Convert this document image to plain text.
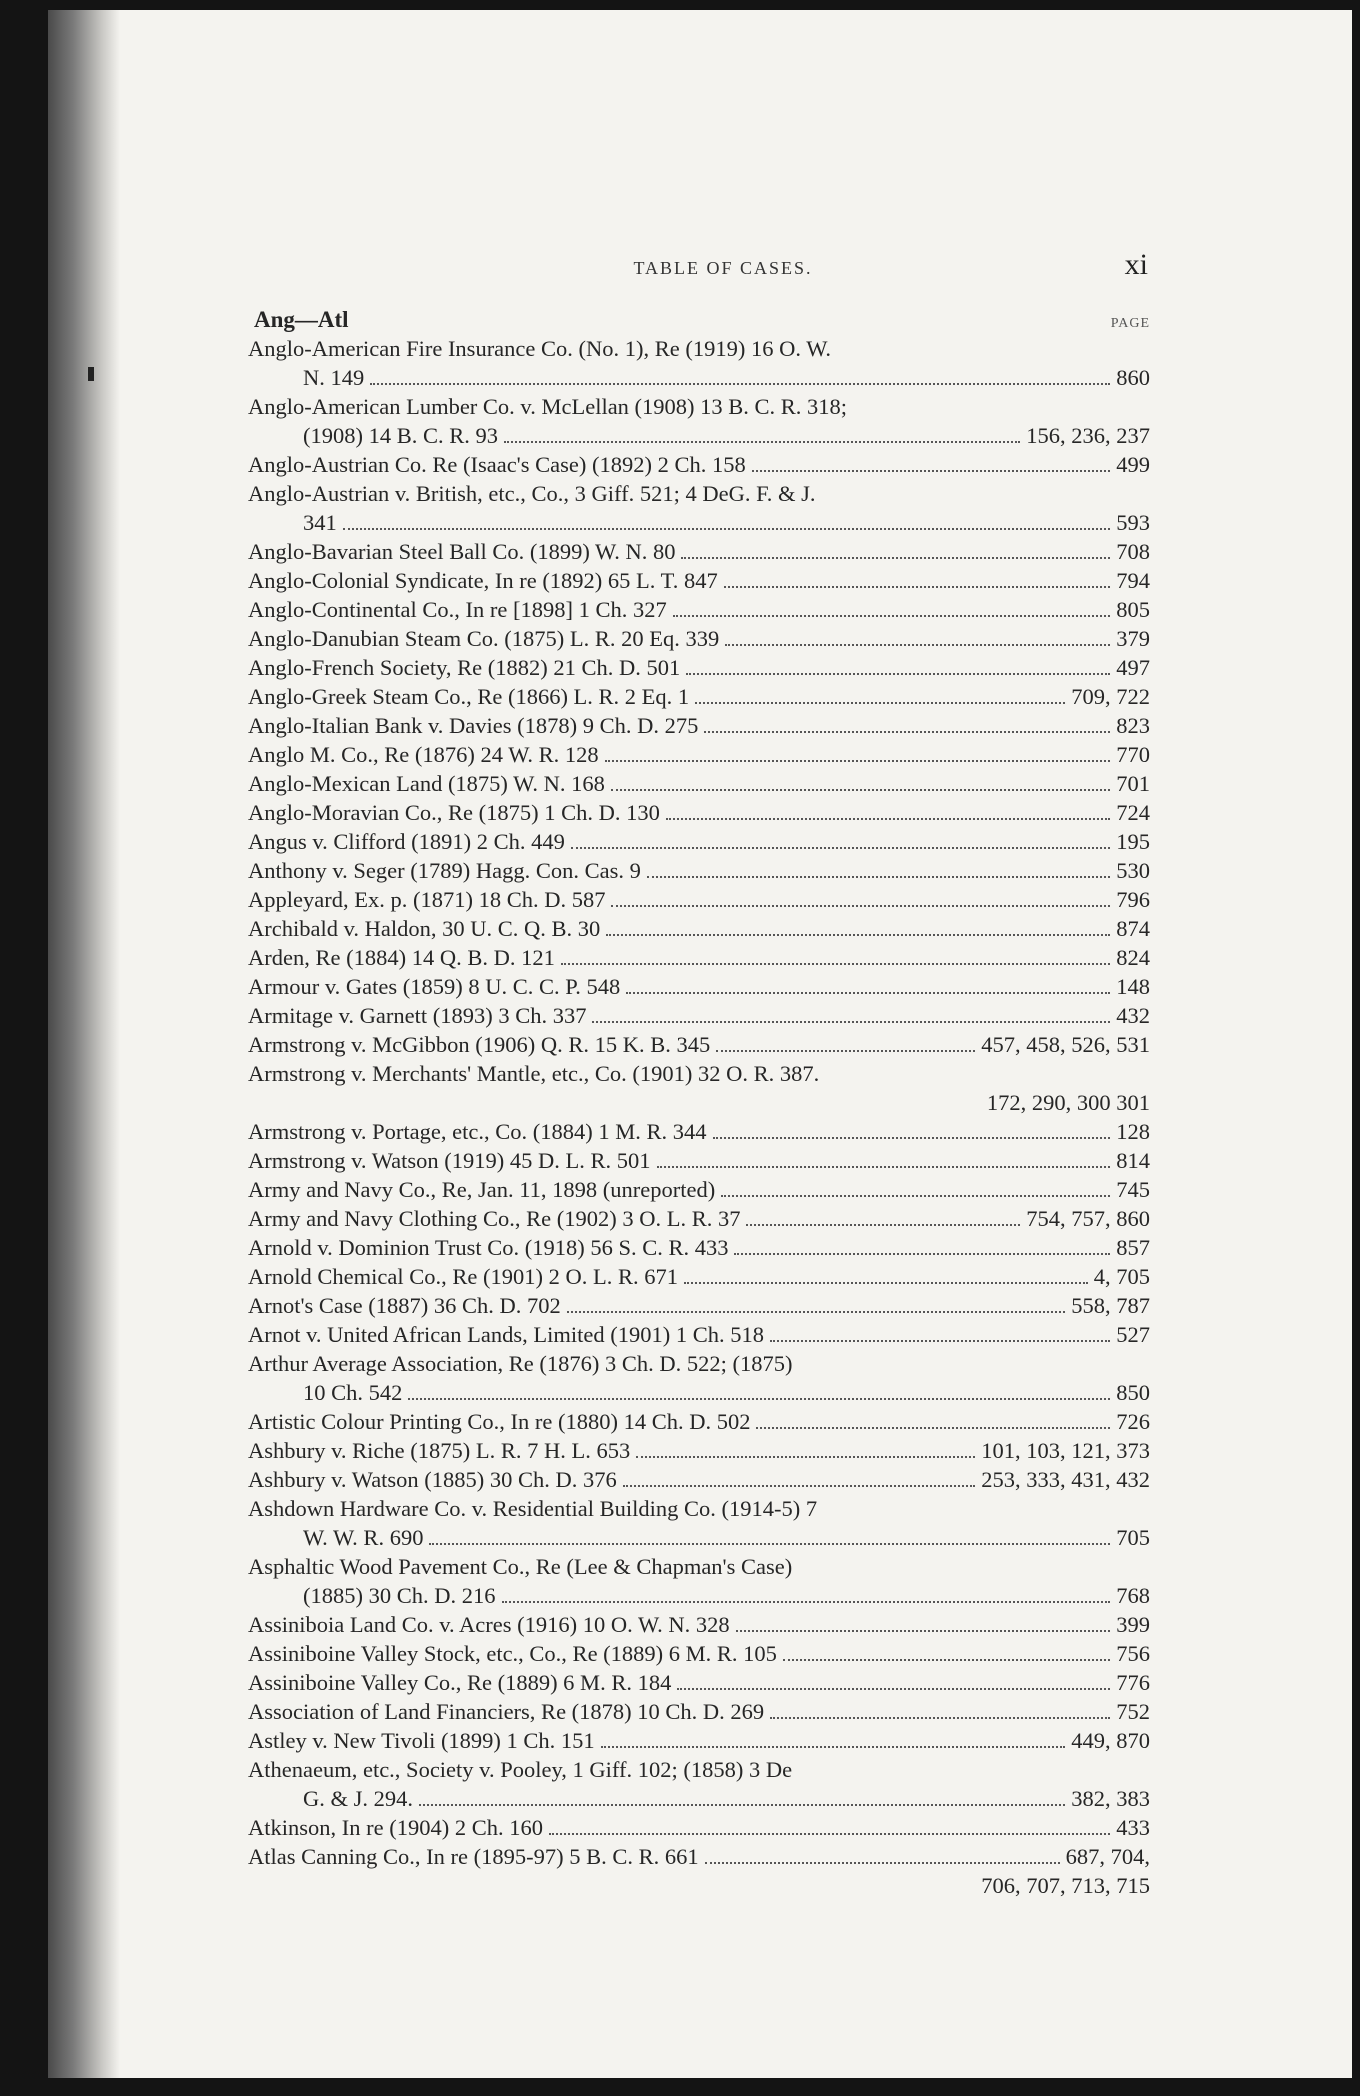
TABLE OF CASES.	xi
Ang—Atl	PAGE
Anglo-American Fire Insurance Co. (No. 1), Re (1919) 16 O. W.
N. 149	860
Anglo-American Lumber Co. v. McLellan (1908) 13 B. C. R. 318;
(1908) 14 B. C. R. 93	156, 236, 237
Anglo-Austrian Co. Re (Isaac's Case) (1892) 2 Ch. 158	499
Anglo-Austrian v. British, etc., Co., 3 Giff. 521; 4 DeG. F. & J.
341	593
Anglo-Bavarian Steel Ball Co. (1899) W. N. 80	708
Anglo-Colonial Syndicate, In re (1892) 65 L. T. 847	794
Anglo-Continental Co., In re [1898] 1 Ch. 327	805
Anglo-Danubian Steam Co. (1875) L. R. 20 Eq. 339	379
Anglo-French Society, Re (1882) 21 Ch. D. 501	497
Anglo-Greek Steam Co., Re (1866) L. R. 2 Eq. 1	709, 722
Anglo-Italian Bank v. Davies (1878) 9 Ch. D. 275	823
Anglo M. Co., Re (1876) 24 W. R. 128	770
Anglo-Mexican Land (1875) W. N. 168	701
Anglo-Moravian Co., Re (1875) 1 Ch. D. 130	724
Angus v. Clifford (1891) 2 Ch. 449	195
Anthony v. Seger (1789) Hagg. Con. Cas. 9	530
Appleyard, Ex. p. (1871) 18 Ch. D. 587	796
Archibald v. Haldon, 30 U. C. Q. B. 30	874
Arden, Re (1884) 14 Q. B. D. 121	824
Armour v. Gates (1859) 8 U. C. C. P. 548	148
Armitage v. Garnett (1893) 3 Ch. 337	432
Armstrong v. McGibbon (1906) Q. R. 15 K. B. 345	457, 458, 526, 531
Armstrong v. Merchants' Mantle, etc., Co. (1901) 32 O. R. 387.
172, 290, 300 301
Armstrong v. Portage, etc., Co. (1884) 1 M. R. 344	128
Armstrong v. Watson (1919) 45 D. L. R. 501	814
Army and Navy Co., Re, Jan. 11, 1898 (unreported)	745
Army and Navy Clothing Co., Re (1902) 3 O. L. R. 37	754, 757, 860
Arnold v. Dominion Trust Co. (1918) 56 S. C. R. 433	857
Arnold Chemical Co., Re (1901) 2 O. L. R. 671	4, 705
Arnot's Case (1887) 36 Ch. D. 702	558, 787
Arnot v. United African Lands, Limited (1901) 1 Ch. 518	527
Arthur Average Association, Re (1876) 3 Ch. D. 522; (1875)
10 Ch. 542	850
Artistic Colour Printing Co., In re (1880) 14 Ch. D. 502	726
Ashbury v. Riche (1875) L. R. 7 H. L. 653	101, 103, 121, 373
Ashbury v. Watson (1885) 30 Ch. D. 376	253, 333, 431, 432
Ashdown Hardware Co. v. Residential Building Co. (1914-5) 7
W. W. R. 690	705
Asphaltic Wood Pavement Co., Re (Lee & Chapman's Case)
(1885) 30 Ch. D. 216	768
Assiniboia Land Co. v. Acres (1916) 10 O. W. N. 328	399
Assiniboine Valley Stock, etc., Co., Re (1889) 6 M. R. 105	756
Assiniboine Valley Co., Re (1889) 6 M. R. 184	776
Association of Land Financiers, Re (1878) 10 Ch. D. 269	752
Astley v. New Tivoli (1899) 1 Ch. 151	449, 870
Athenaeum, etc., Society v. Pooley, 1 Giff. 102; (1858) 3 De
G. & J. 294.	382, 383
Atkinson, In re (1904) 2 Ch. 160	433
Atlas Canning Co., In re (1895-97) 5 B. C. R. 661	687, 704,
706, 707, 713, 715
